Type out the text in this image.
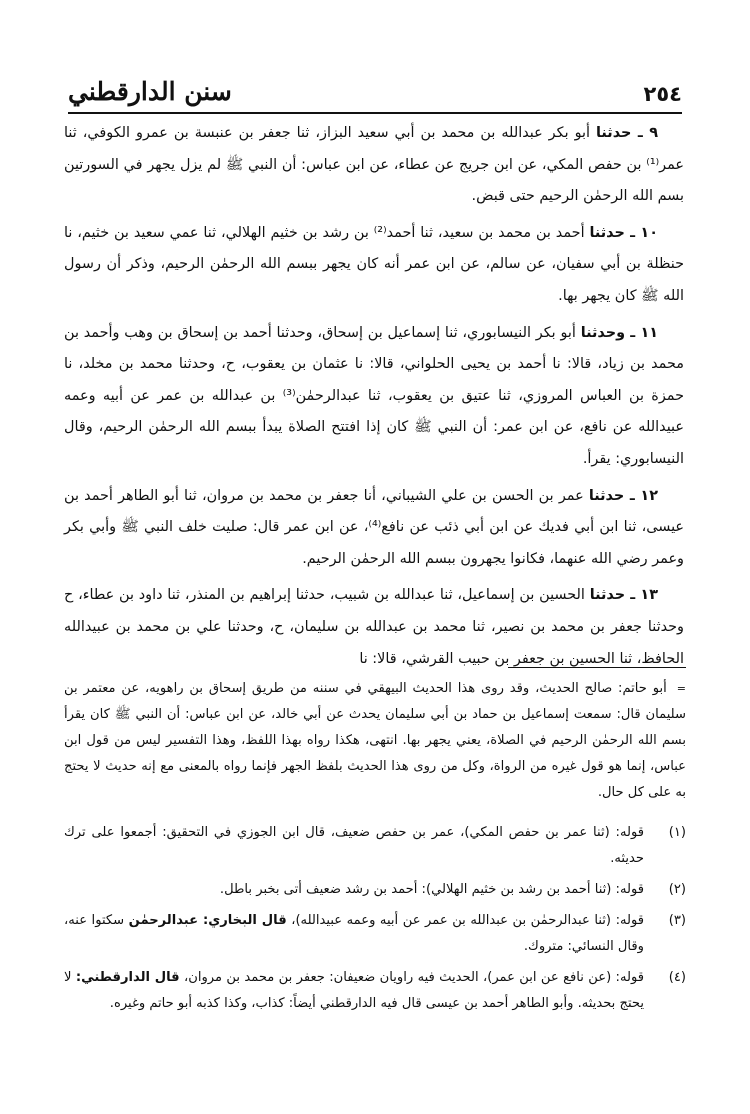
٢٥٤
سنن الدارقطني

٩ ـ حدثنا أبو بكر عبدالله بن محمد بن أبي سعيد البزاز، ثنا جعفر بن عنبسة بن عمرو الكوفي، ثنا عمر⁽¹⁾ بن حفص المكي، عن ابن جريج عن عطاء، عن ابن عباس: أن النبي ﷺ لم يزل يجهر في السورتين بسم الله الرحمٰن الرحيم حتى قبض.

١٠ ـ حدثنا أحمد بن محمد بن سعيد، ثنا أحمد⁽²⁾ بن رشد بن خثيم الهلالي، ثنا عمي سعيد بن خثيم، نا حنظلة بن أبي سفيان، عن سالم، عن ابن عمر أنه كان يجهر ببسم الله الرحمٰن الرحيم، وذكر أن رسول الله ﷺ كان يجهر بها.

١١ ـ وحدثنا أبو بكر النيسابوري، ثنا إسماعيل بن إسحاق، وحدثنا أحمد بن إسحاق بن وهب وأحمد بن محمد بن زياد، قالا: نا أحمد بن يحيى الحلواني، قالا: نا عثمان بن يعقوب، ح، وحدثنا محمد بن مخلد، نا حمزة بن العباس المروزي، ثنا عتيق بن يعقوب، ثنا عبدالرحمٰن⁽³⁾ بن عبدالله بن عمر عن أبيه وعمه عبيدالله عن نافع، عن ابن عمر: أن النبي ﷺ كان إذا افتتح الصلاة يبدأ ببسم الله الرحمٰن الرحيم، وقال النيسابوري: يقرأ.

١٢ ـ حدثنا عمر بن الحسن بن علي الشيباني، أنا جعفر بن محمد بن مروان، ثنا أبو الطاهر أحمد بن عيسى، ثنا ابن أبي فديك عن ابن أبي ذئب عن نافع⁽⁴⁾، عن ابن عمر قال: صليت خلف النبي ﷺ وأبي بكر وعمر رضي الله عنهما، فكانوا يجهرون ببسم الله الرحمٰن الرحيم.

١٣ ـ حدثنا الحسين بن إسماعيل، ثنا عبدالله بن شبيب، حدثنا إبراهيم بن المنذر، ثنا داود بن عطاء، ح وحدثنا جعفر بن محمد بن نصير، ثنا محمد بن عبدالله بن سليمان، ح، وحدثنا علي بن محمد بن عبيدالله الحافظ، ثنا الحسين بن جعفر بن حبيب القرشي، قالا: نا

=أبو حاتم: صالح الحديث، وقد روى هذا الحديث البيهقي في سننه من طريق إسحاق بن راهويه، عن معتمر بن سليمان قال: سمعت إسماعيل بن حماد بن أبي سليمان يحدث عن أبي خالد، عن ابن عباس: أن النبي ﷺ كان يقرأ بسم الله الرحمٰن الرحيم في الصلاة، يعني يجهر بها. انتهى، هكذا رواه بهذا اللفظ، وهذا التفسير ليس من قول ابن عباس، إنما هو قول غيره من الرواة، وكل من روى هذا الحديث بلفظ الجهر فإنما رواه بالمعنى مع إنه حديث لا يحتج به على كل حال.
(١)
قوله: (ثنا عمر بن حفص المكي)، عمر بن حفص ضعيف، قال ابن الجوزي في التحقيق: أجمعوا على ترك حديثه.
(٢)
قوله: (ثنا أحمد بن رشد بن خثيم الهلالي): أحمد بن رشد ضعيف أتى بخبر باطل.
(٣)
قوله: (ثنا عبدالرحمٰن بن عبدالله بن عمر عن أبيه وعمه عبيدالله)، قال البخاري: عبدالرحمٰن سكتوا عنه، وقال النسائي: متروك.
(٤)
قوله: (عن نافع عن ابن عمر)، الحديث فيه راويان ضعيفان: جعفر بن محمد بن مروان، قال الدارقطني: لا يحتج بحديثه. وأبو الطاهر أحمد بن عيسى قال فيه الدارقطني أيضاً: كذاب، وكذا كذبه أبو حاتم وغيره.
